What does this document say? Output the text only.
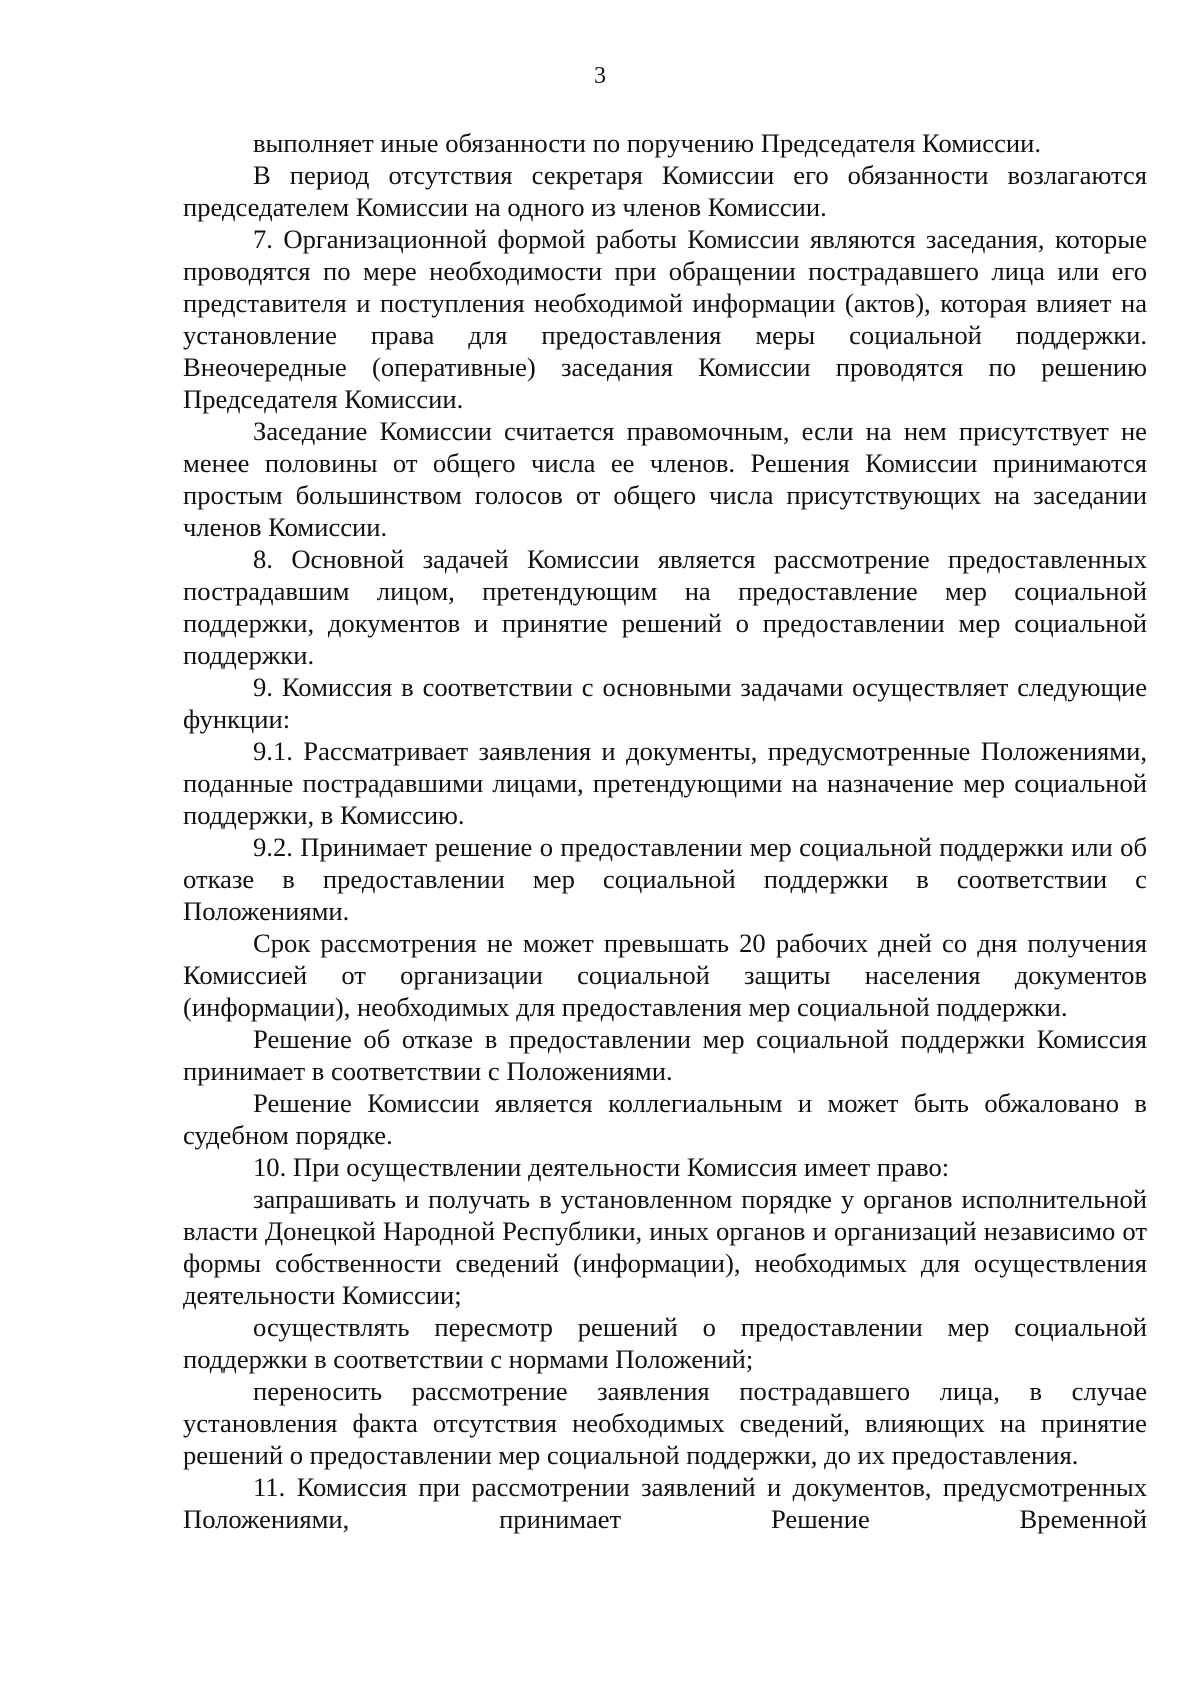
3

выполняет иные обязанности по поручению Председателя Комиссии.

В период отсутствия секретаря Комиссии его обязанности возлагаются председателем Комиссии на одного из членов Комиссии.

7. Организационной формой работы Комиссии являются заседания, которые проводятся по мере необходимости при обращении пострадавшего лица или его представителя и поступления необходимой информации (актов), которая влияет на установление права для предоставления меры социальной поддержки. Внеочередные (оперативные) заседания Комиссии проводятся по решению Председателя Комиссии.

Заседание Комиссии считается правомочным, если на нем присутствует не менее половины от общего числа ее членов. Решения Комиссии принимаются простым большинством голосов от общего числа присутствующих на заседании членов Комиссии.

8. Основной задачей Комиссии является рассмотрение предоставленных пострадавшим лицом, претендующим на предоставление мер социальной поддержки, документов и принятие решений о предоставлении мер социальной поддержки.

9. Комиссия в соответствии с основными задачами осуществляет следующие функции:

9.1. Рассматривает заявления и документы, предусмотренные Положениями, поданные пострадавшими лицами, претендующими на назначение мер социальной поддержки, в Комиссию.

9.2. Принимает решение о предоставлении мер социальной поддержки или об отказе в предоставлении мер социальной поддержки в соответствии с Положениями.

Срок рассмотрения не может превышать 20 рабочих дней со дня получения Комиссией от организации социальной защиты населения документов (информации), необходимых для предоставления мер социальной поддержки.

Решение об отказе в предоставлении мер социальной поддержки Комиссия принимает в соответствии с Положениями.

Решение Комиссии является коллегиальным и может быть обжаловано в судебном порядке.

10. При осуществлении деятельности Комиссия имеет право:

запрашивать и получать в установленном порядке у органов исполнительной власти Донецкой Народной Республики, иных органов и организаций независимо от формы собственности сведений (информации), необходимых для осуществления деятельности Комиссии;

осуществлять пересмотр решений о предоставлении мер социальной поддержки в соответствии с нормами Положений;

переносить рассмотрение заявления пострадавшего лица, в случае установления факта отсутствия необходимых сведений, влияющих на принятие решений о предоставлении мер социальной поддержки, до их предоставления.

11. Комиссия при рассмотрении заявлений и документов, предусмотренных Положениями, принимает Решение Временной
